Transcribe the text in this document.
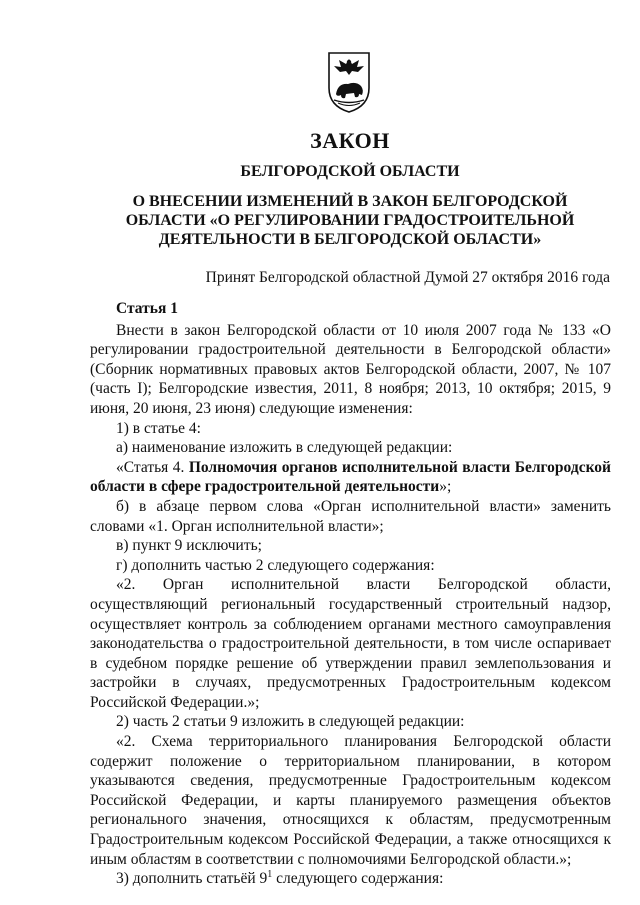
ЗАКОН
БЕЛГОРОДСКОЙ ОБЛАСТИ
О ВНЕСЕНИИ ИЗМЕНЕНИЙ В ЗАКОН БЕЛГОРОДСКОЙ
ОБЛАСТИ «О РЕГУЛИРОВАНИИ ГРАДОСТРОИТЕЛЬНОЙ
ДЕЯТЕЛЬНОСТИ В БЕЛГОРОДСКОЙ ОБЛАСТИ»
Принят Белгородской областной Думой 27 октября 2016 года

Статья 1

Внести в закон Белгородской области от 10 июля 2007 года № 133 «О регулировании градостроительной деятельности в Белгородской области» (Сборник нормативных правовых актов Белгородской области, 2007, № 107 (часть I); Белгородские известия, 2011, 8 ноября; 2013, 10 октября; 2015, 9 июня, 20 июня, 23 июня) следующие изменения:

1) в статье 4:

а) наименование изложить в следующей редакции:

«Статья 4. Полномочия органов исполнительной власти Белгородской области в сфере градостроительной деятельности»;

б) в абзаце первом слова «Орган исполнительной власти» заменить словами «1. Орган исполнительной власти»;

в) пункт 9 исключить;

г) дополнить частью 2 следующего содержания:

«2. Орган исполнительной власти Белгородской области, осуществляющий региональный государственный строительный надзор, осуществляет контроль за соблюдением органами местного самоуправления законодательства о градостроительной деятельности, в том числе оспаривает в судебном порядке решение об утверждении правил землепользования и застройки в случаях, предусмотренных Градостроительным кодексом Российской Федерации.»;

2) часть 2 статьи 9 изложить в следующей редакции:

«2. Схема территориального планирования Белгородской области содержит положение о территориальном планировании, в котором указываются сведения, предусмотренные Градостроительным кодексом Российской Федерации, и карты планируемого размещения объектов регионального значения, относящихся к областям, предусмотренным Градостроительным кодексом Российской Федерации, а также относящихся к иным областям в соответствии с полномочиями Белгородской области.»;

3) дополнить статьёй $9^1$ следующего содержания:
